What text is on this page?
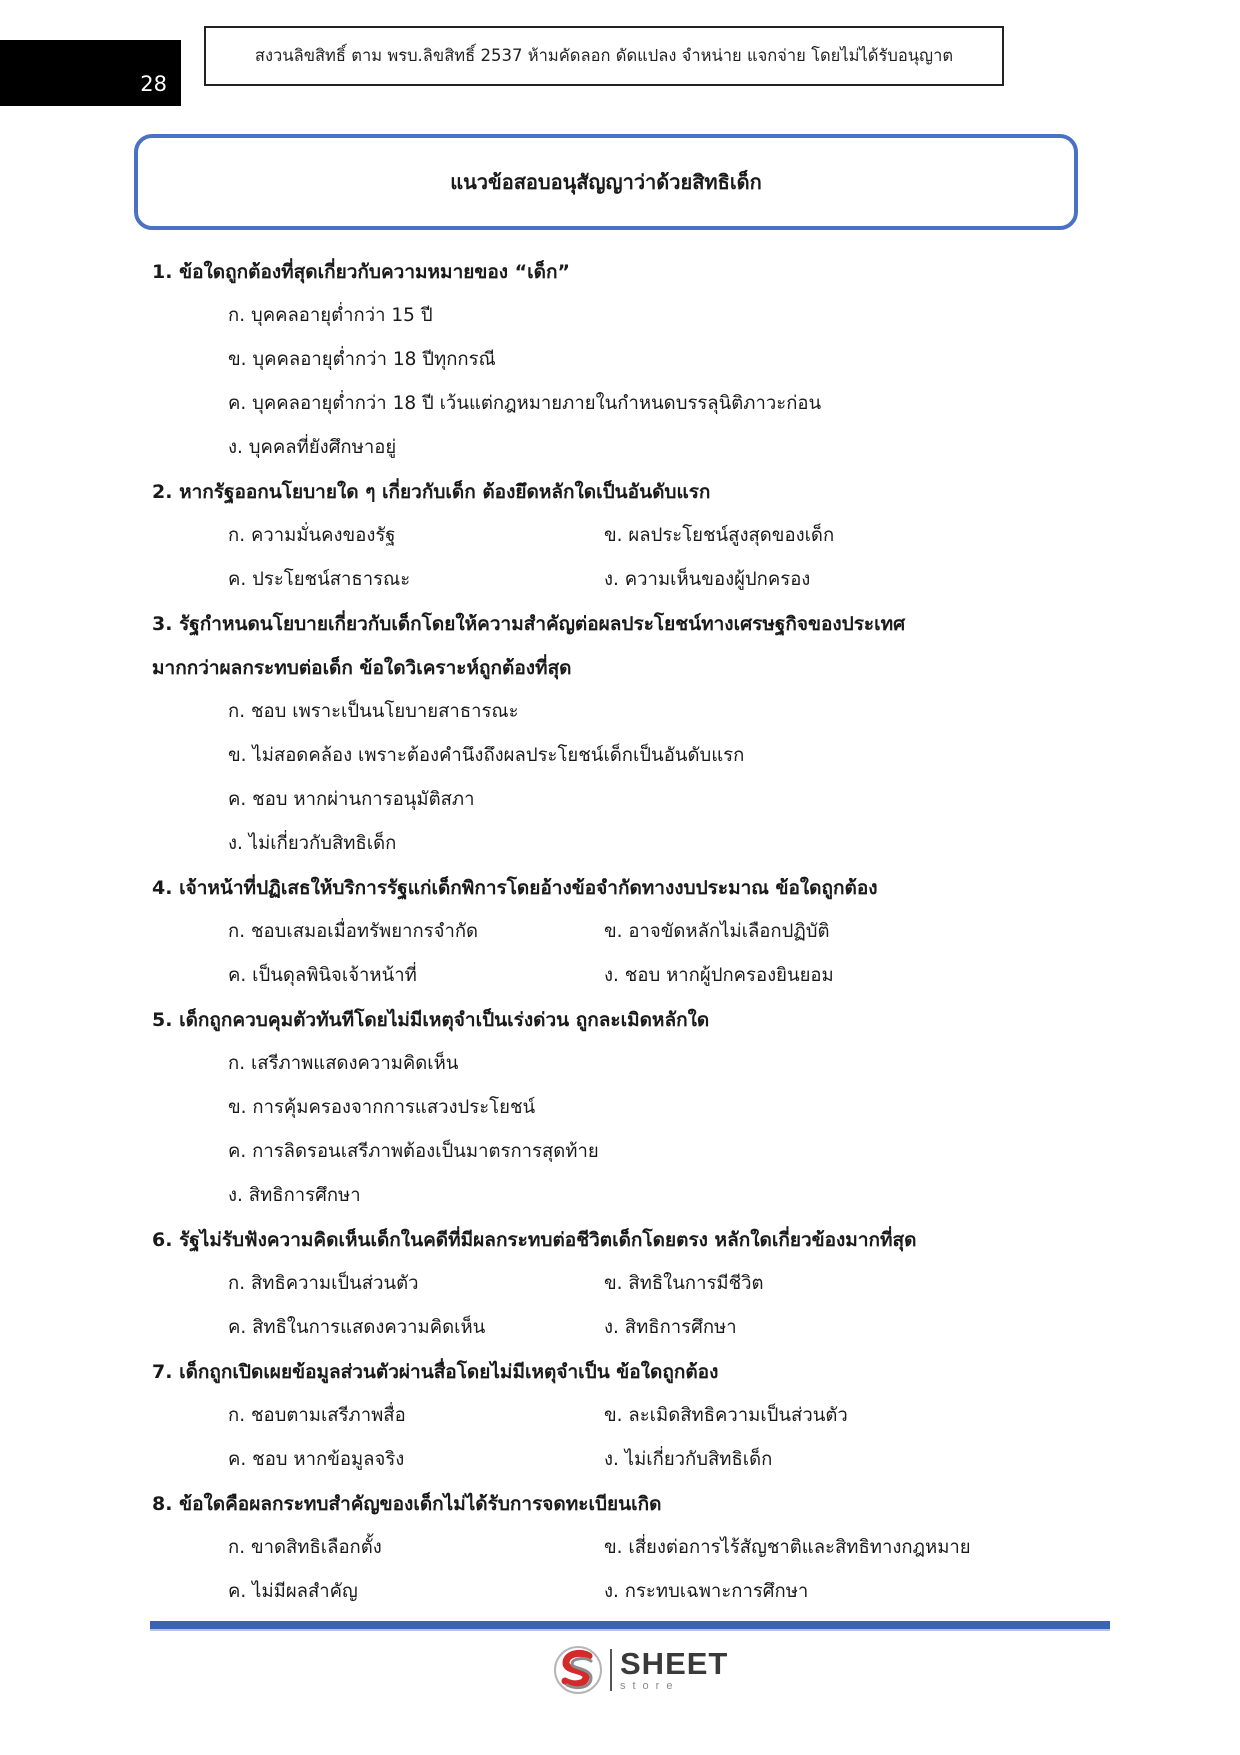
28
สงวนลิขสิทธิ์ ตาม พรบ.ลิขสิทธิ์ 2537 ห้ามคัดลอก ดัดแปลง จำหน่าย แจกจ่าย โดยไม่ได้รับอนุญาต
แนวข้อสอบอนุสัญญาว่าด้วยสิทธิเด็ก
1. ข้อใดถูกต้องที่สุดเกี่ยวกับความหมายของ “เด็ก”
ก. บุคคลอายุต่ำกว่า 15 ปี
ข. บุคคลอายุต่ำกว่า 18 ปีทุกกรณี
ค. บุคคลอายุต่ำกว่า 18 ปี เว้นแต่กฎหมายภายในกำหนดบรรลุนิติภาวะก่อน
ง. บุคคลที่ยังศึกษาอยู่
2. หากรัฐออกนโยบายใด ๆ เกี่ยวกับเด็ก ต้องยึดหลักใดเป็นอันดับแรก
ก. ความมั่นคงของรัฐ	ข. ผลประโยชน์สูงสุดของเด็ก
ค. ประโยชน์สาธารณะ	ง. ความเห็นของผู้ปกครอง
3. รัฐกำหนดนโยบายเกี่ยวกับเด็กโดยให้ความสำคัญต่อผลประโยชน์ทางเศรษฐกิจของประเทศ
มากกว่าผลกระทบต่อเด็ก ข้อใดวิเคราะห์ถูกต้องที่สุด
ก. ชอบ เพราะเป็นนโยบายสาธารณะ
ข. ไม่สอดคล้อง เพราะต้องคำนึงถึงผลประโยชน์เด็กเป็นอันดับแรก
ค. ชอบ หากผ่านการอนุมัติสภา
ง. ไม่เกี่ยวกับสิทธิเด็ก
4. เจ้าหน้าที่ปฏิเสธให้บริการรัฐแก่เด็กพิการโดยอ้างข้อจำกัดทางงบประมาณ ข้อใดถูกต้อง
ก. ชอบเสมอเมื่อทรัพยากรจำกัด	ข. อาจขัดหลักไม่เลือกปฏิบัติ
ค. เป็นดุลพินิจเจ้าหน้าที่	ง. ชอบ หากผู้ปกครองยินยอม
5. เด็กถูกควบคุมตัวทันทีโดยไม่มีเหตุจำเป็นเร่งด่วน ถูกละเมิดหลักใด
ก. เสรีภาพแสดงความคิดเห็น
ข. การคุ้มครองจากการแสวงประโยชน์
ค. การลิดรอนเสรีภาพต้องเป็นมาตรการสุดท้าย
ง. สิทธิการศึกษา
6. รัฐไม่รับฟังความคิดเห็นเด็กในคดีที่มีผลกระทบต่อชีวิตเด็กโดยตรง หลักใดเกี่ยวข้องมากที่สุด
ก. สิทธิความเป็นส่วนตัว	ข. สิทธิในการมีชีวิต
ค. สิทธิในการแสดงความคิดเห็น	ง. สิทธิการศึกษา
7. เด็กถูกเปิดเผยข้อมูลส่วนตัวผ่านสื่อโดยไม่มีเหตุจำเป็น ข้อใดถูกต้อง
ก. ชอบตามเสรีภาพสื่อ	ข. ละเมิดสิทธิความเป็นส่วนตัว
ค. ชอบ หากข้อมูลจริง	ง. ไม่เกี่ยวกับสิทธิเด็ก
8. ข้อใดคือผลกระทบสำคัญของเด็กไม่ได้รับการจดทะเบียนเกิด
ก. ขาดสิทธิเลือกตั้ง	ข. เสี่ยงต่อการไร้สัญชาติและสิทธิทางกฎหมาย
ค. ไม่มีผลสำคัญ	ง. กระทบเฉพาะการศึกษา
SHEET
store
